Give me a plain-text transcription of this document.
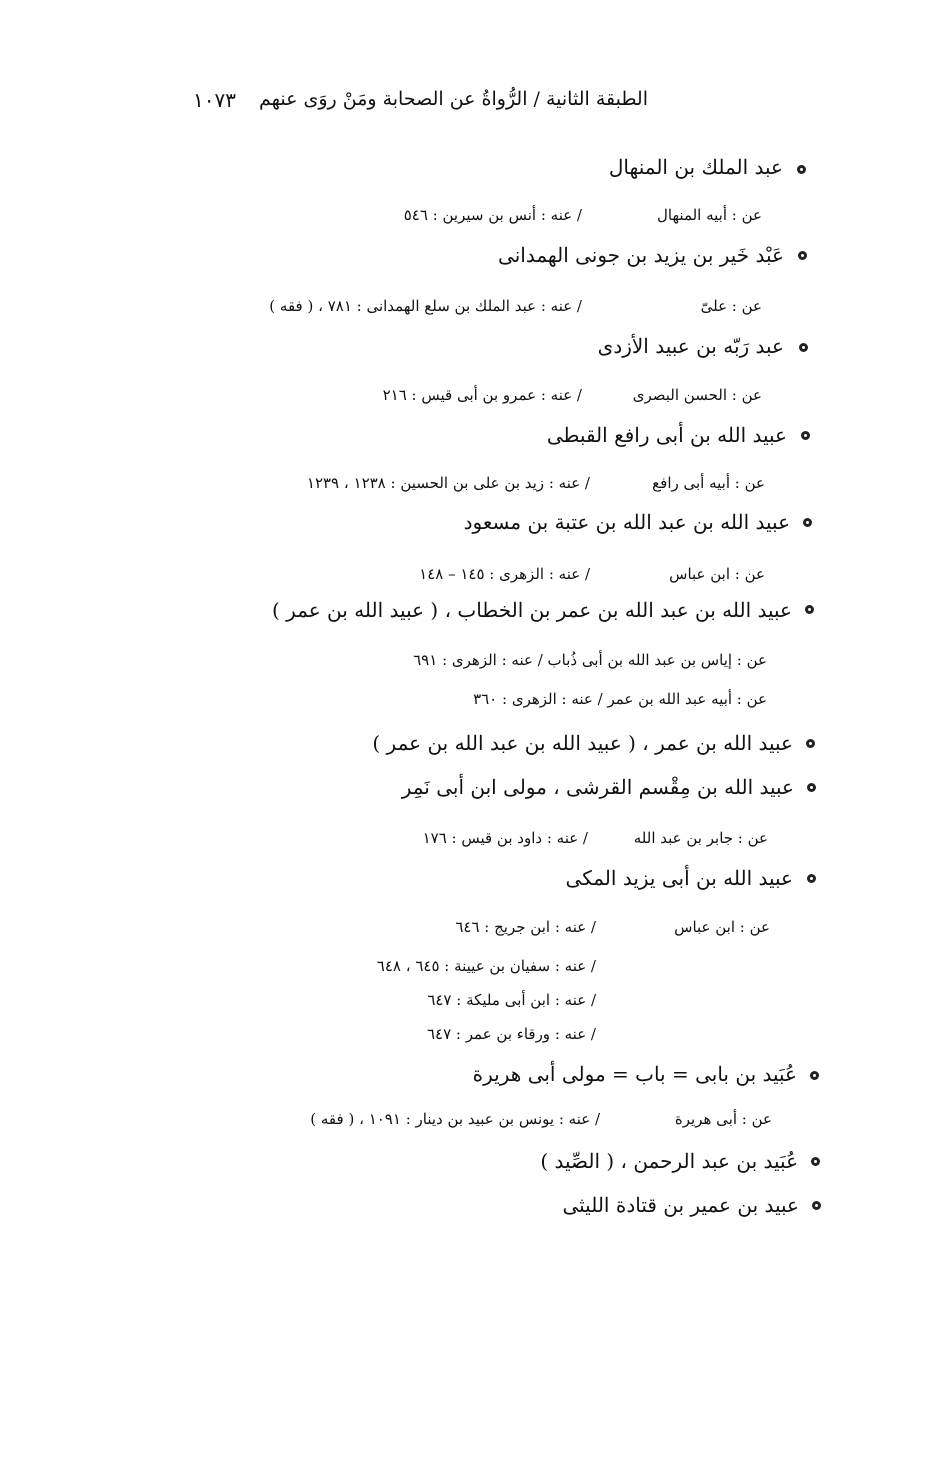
الطبقة الثانية / الرُّواةُ عن الصحابة ومَنْ روَى عنهم
١٠٧٣
عبد الملك بن المنهال
عن : أبيه المنهال
/ عنه : أنس بن سيرين : ٥٤٦
عَبْد خَير بن يزيد بن جونى الهمدانى
عن : علىّ
/ عنه : عبد الملك بن سلع الهمدانى : ٧٨١ ، ( فقه )
عبد رَبّه بن عبيد الأزدى
عن : الحسن البصرى
/ عنه : عمرو بن أبى قيس : ٢١٦
عبيد الله بن أبى رافع القبطى
عن : أبيه أبى رافع
/ عنه : زيد بن على بن الحسين : ١٢٣٨ ، ١٢٣٩
عبيد الله بن عبد الله بن عتبة بن مسعود
عن : ابن عباس
/ عنه : الزهرى : ١٤٥ – ١٤٨
عبيد الله بن عبد الله بن عمر بن الخطاب ، ( عبيد الله بن عمر )
عن : إياس بن عبد الله بن أبى ذُباب / عنه : الزهرى : ٦٩١
عن : أبيه عبد الله بن عمر / عنه : الزهرى : ٣٦٠
عبيد الله بن عمر ، ( عبيد الله بن عبد الله بن عمر )
عبيد الله بن مِقْسم القرشى ، مولى ابن أبى نَمِر
عن : جابر بن عبد الله
/ عنه : داود بن قيس : ١٧٦
عبيد الله بن أبى يزيد المكى
عن : ابن عباس
/ عنه : ابن جريج : ٦٤٦
/ عنه : سفيان بن عيينة : ٦٤٥ ، ٦٤٨
/ عنه : ابن أبى مليكة : ٦٤٧
/ عنه : ورقاء بن عمر : ٦٤٧
عُبَيد بن بابى = باب = مولى أبى هريرة
عن : أبى هريرة
/ عنه : يونس بن عبيد بن دينار : ١٠٩١ ، ( فقه )
عُبَيد بن عبد الرحمن ، ( الصِّيد )
عبيد بن عمير بن قتادة الليثى
